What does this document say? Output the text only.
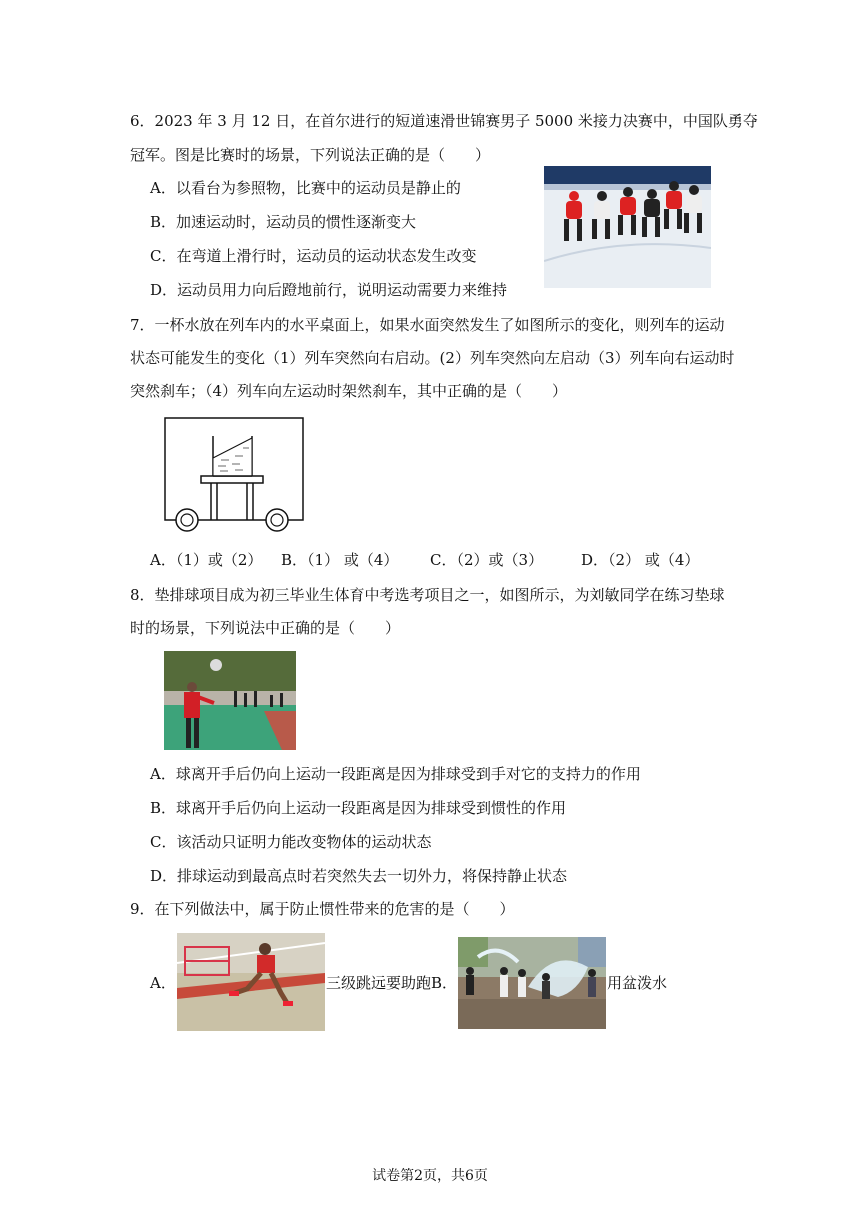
6．2023 年 3 月 12 日，在首尔进行的短道速滑世锦赛男子 5000 米接力决赛中，中国队勇夺
冠军。图是比赛时的场景，下列说法正确的是（　　）
A．以看台为参照物，比赛中的运动员是静止的
B．加速运动时，运动员的惯性逐渐变大
C．在弯道上滑行时，运动员的运动状态发生改变
D．运动员用力向后蹬地前行，说明运动需要力来维持
7．一杯水放在列车内的水平桌面上，如果水面突然发生了如图所示的变化，则列车的运动
状态可能发生的变化（1）列车突然向右启动。(2）列车突然向左启动（3）列车向右运动时
突然刹车；（4）列车向左运动时架然刹车，其中正确的是（　　）
A．（1）或（2） B．（1） 或（4） C．（2）或（3）	D．（2） 或（4）
8．垫排球项目成为初三毕业生体育中考选考项目之一，如图所示，为刘敏同学在练习垫球
时的场景，下列说法中正确的是（　　）
A．球离开手后仍向上运动一段距离是因为排球受到手对它的支持力的作用
B．球离开手后仍向上运动一段距离是因为排球受到惯性的作用
C．该活动只证明力能改变物体的运动状态
D．排球运动到最高点时若突然失去一切外力，将保持静止状态
9．在下列做法中，属于防止惯性带来的危害的是（　　）
A．	三级跳远要助跑 B．	用盆泼水
试卷第2页，共6页
